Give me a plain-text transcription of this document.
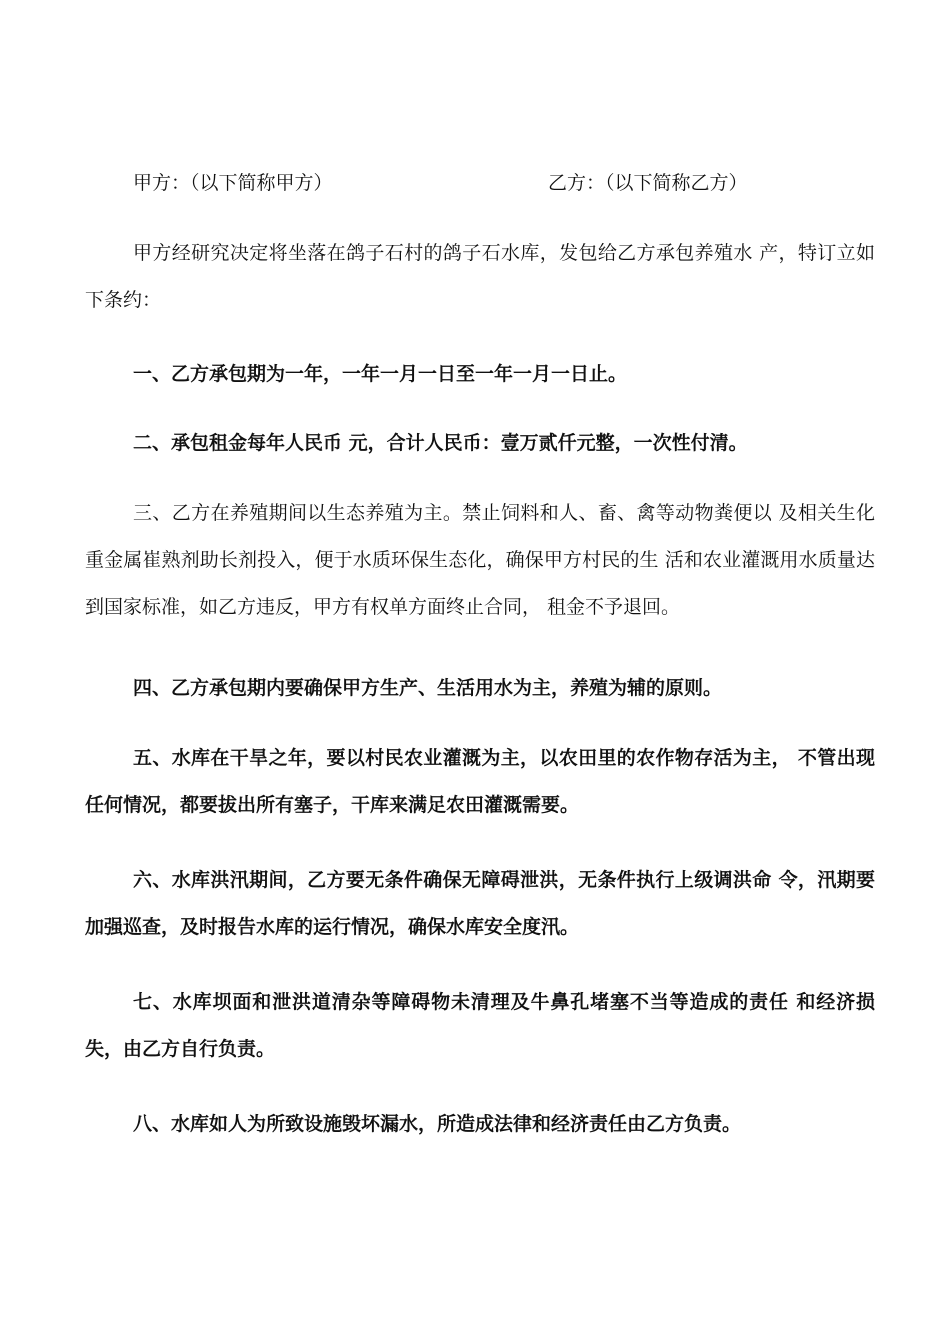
甲方：（以下简称甲方）	乙方：（以下简称乙方）

甲方经研究决定将坐落在鸽子石村的鸽子石水库，发包给乙方承包养殖水 产，特订立如下条约：

一、乙方承包期为一年，一年一月一日至一年一月一日止。

二、承包租金每年人民币 元，合计人民币：壹万贰仟元整，一次性付清。

三、乙方在养殖期间以生态养殖为主。禁止饲料和人、畜、禽等动物粪便以 及相关生化重金属崔熟剂助长剂投入，便于水质环保生态化，确保甲方村民的生 活和农业灌溉用水质量达到国家标准，如乙方违反，甲方有权单方面终止合同， 租金不予退回。

四、乙方承包期内要确保甲方生产、生活用水为主，养殖为辅的原则。

五、水库在干旱之年，要以村民农业灌溉为主，以农田里的农作物存活为主， 不管出现任何情况，都要拔出所有塞子，干库来满足农田灌溉需要。

六、水库洪汛期间，乙方要无条件确保无障碍泄洪，无条件执行上级调洪命 令，汛期要加强巡查，及时报告水库的运行情况，确保水库安全度汛。

七、水库坝面和泄洪道清杂等障碍物未清理及牛鼻孔堵塞不当等造成的责任 和经济损失，由乙方自行负责。

八、水库如人为所致设施毁坏漏水，所造成法律和经济责任由乙方负责。
